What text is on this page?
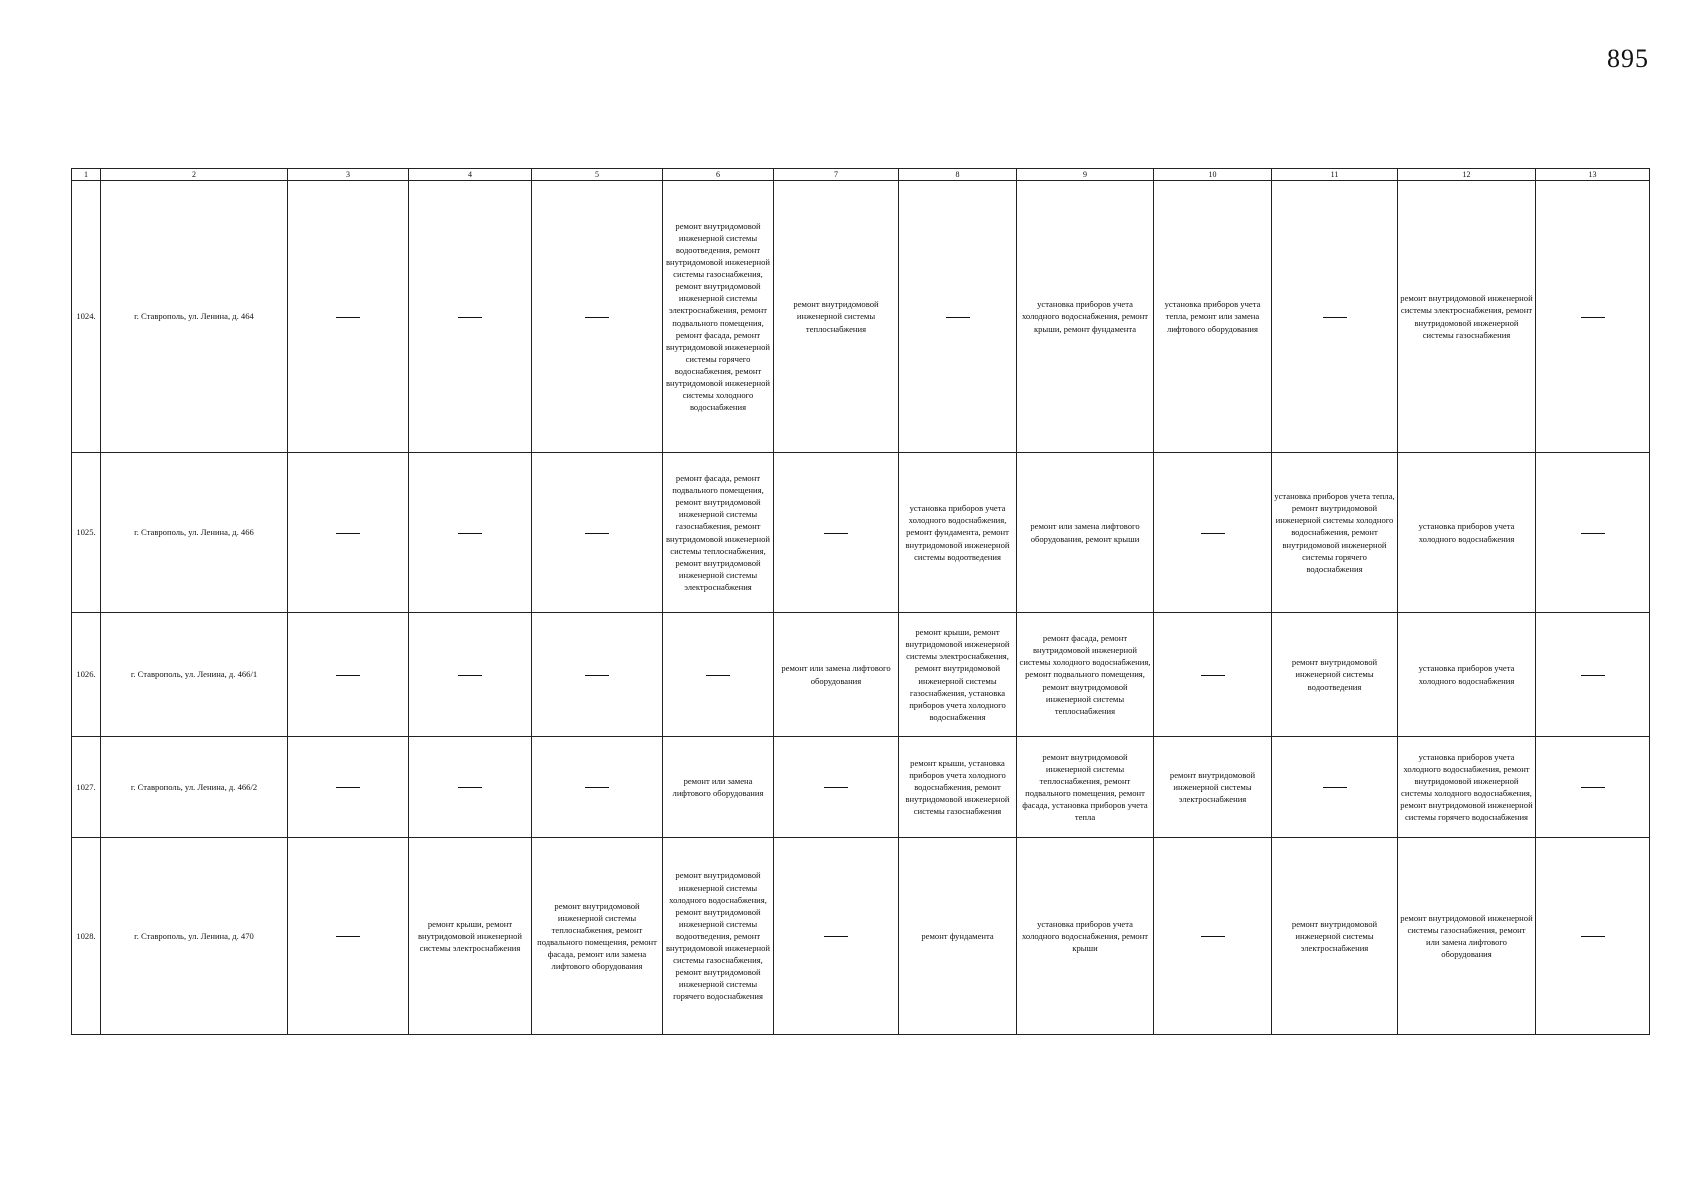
895
1	2	3	4	5	6	7	8	9	10	11	12	13
1024.	г. Ставрополь, ул. Ленина, д. 464				ремонт внутридомовой инженерной системы водоотведения, ремонт внутридомовой инженерной системы газоснабжения, ремонт внутридомовой инженерной системы электроснабжения, ремонт подвального помещения, ремонт фасада, ремонт внутридомовой инженерной системы горячего водоснабжения, ремонт внутридомовой инженерной системы холодного водоснабжения	ремонт внутридомовой инженерной системы теплоснабжения		установка приборов учета холодного водоснабжения, ремонт крыши, ремонт фундамента	установка приборов учета тепла, ремонт или замена лифтового оборудования		ремонт внутридомовой инженерной системы электроснабжения, ремонт внутридомовой инженерной системы газоснабжения	
1025.	г. Ставрополь, ул. Ленина, д. 466				ремонт фасада, ремонт подвального помещения, ремонт внутридомовой инженерной системы газоснабжения, ремонт внутридомовой инженерной системы теплоснабжения, ремонт внутридомовой инженерной системы электроснабжения		установка приборов учета холодного водоснабжения, ремонт фундамента, ремонт внутридомовой инженерной системы водоотведения	ремонт или замена лифтового оборудования, ремонт крыши		установка приборов учета тепла, ремонт внутридомовой инженерной системы холодного водоснабжения, ремонт внутридомовой инженерной системы горячего водоснабжения	установка приборов учета холодного водоснабжения	
1026.	г. Ставрополь, ул. Ленина, д. 466/1					ремонт или замена лифтового оборудования	ремонт крыши, ремонт внутридомовой инженерной системы электроснабжения, ремонт внутридомовой инженерной системы газоснабжения, установка приборов учета холодного водоснабжения	ремонт фасада, ремонт внутридомовой инженерной системы холодного водоснабжения, ремонт подвального помещения, ремонт внутридомовой инженерной системы теплоснабжения		ремонт внутридомовой инженерной системы водоотведения	установка приборов учета холодного водоснабжения	
1027.	г. Ставрополь, ул. Ленина, д. 466/2				ремонт или замена лифтового оборудования		ремонт крыши, установка приборов учета холодного водоснабжения, ремонт внутридомовой инженерной системы газоснабжения	ремонт внутридомовой инженерной системы теплоснабжения, ремонт подвального помещения, ремонт фасада, установка приборов учета тепла	ремонт внутридомовой инженерной системы электроснабжения		установка приборов учета холодного водоснабжения, ремонт внутридомовой инженерной системы холодного водоснабжения, ремонт внутридомовой инженерной системы горячего водоснабжения	
1028.	г. Ставрополь, ул. Ленина, д. 470		ремонт крыши, ремонт внутридомовой инженерной системы электроснабжения	ремонт внутридомовой инженерной системы теплоснабжения, ремонт подвального помещения, ремонт фасада, ремонт или замена лифтового оборудования	ремонт внутридомовой инженерной системы холодного водоснабжения, ремонт внутридомовой инженерной системы водоотведения, ремонт внутридомовой инженерной системы газоснабжения, ремонт внутридомовой инженерной системы горячего водоснабжения		ремонт фундамента	установка приборов учета холодного водоснабжения, ремонт крыши		ремонт внутридомовой инженерной системы электроснабжения	ремонт внутридомовой инженерной системы газоснабжения, ремонт или замена лифтового оборудования	
